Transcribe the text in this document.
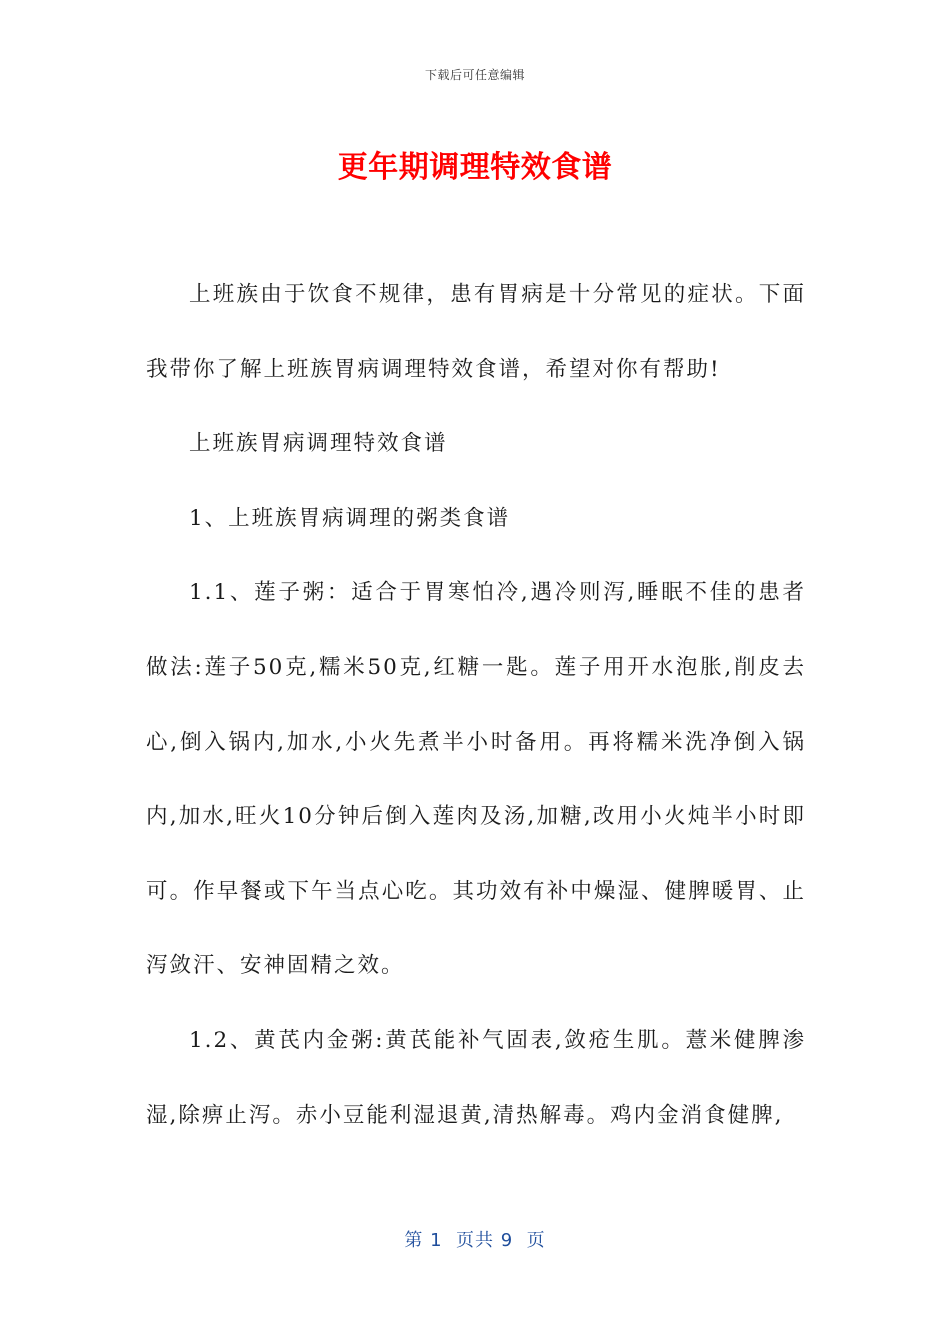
下载后可任意编辑
更年期调理特效食谱

上班族由于饮食不规律，患有胃病是十分常见的症状。下面我带你了解上班族胃病调理特效食谱，希望对你有帮助!

上班族胃病调理特效食谱

1、上班族胃病调理的粥类食谱

1.1、莲子粥：适合于胃寒怕冷,遇冷则泻,睡眠不佳的患者做法:莲子50克,糯米50克,红糖一匙。莲子用开水泡胀,削皮去心,倒入锅内,加水,小火先煮半小时备用。再将糯米洗净倒入锅内,加水,旺火10分钟后倒入莲肉及汤,加糖,改用小火炖半小时即可。作早餐或下午当点心吃。其功效有补中燥湿、健脾暖胃、止泻敛汗、安神固精之效。

1.2、黄芪内金粥:黄芪能补气固表,敛疮生肌。薏米健脾渗湿,除痹止泻。赤小豆能利湿退黄,清热解毒。鸡内金消食健脾,

第 1  页共 9  页
